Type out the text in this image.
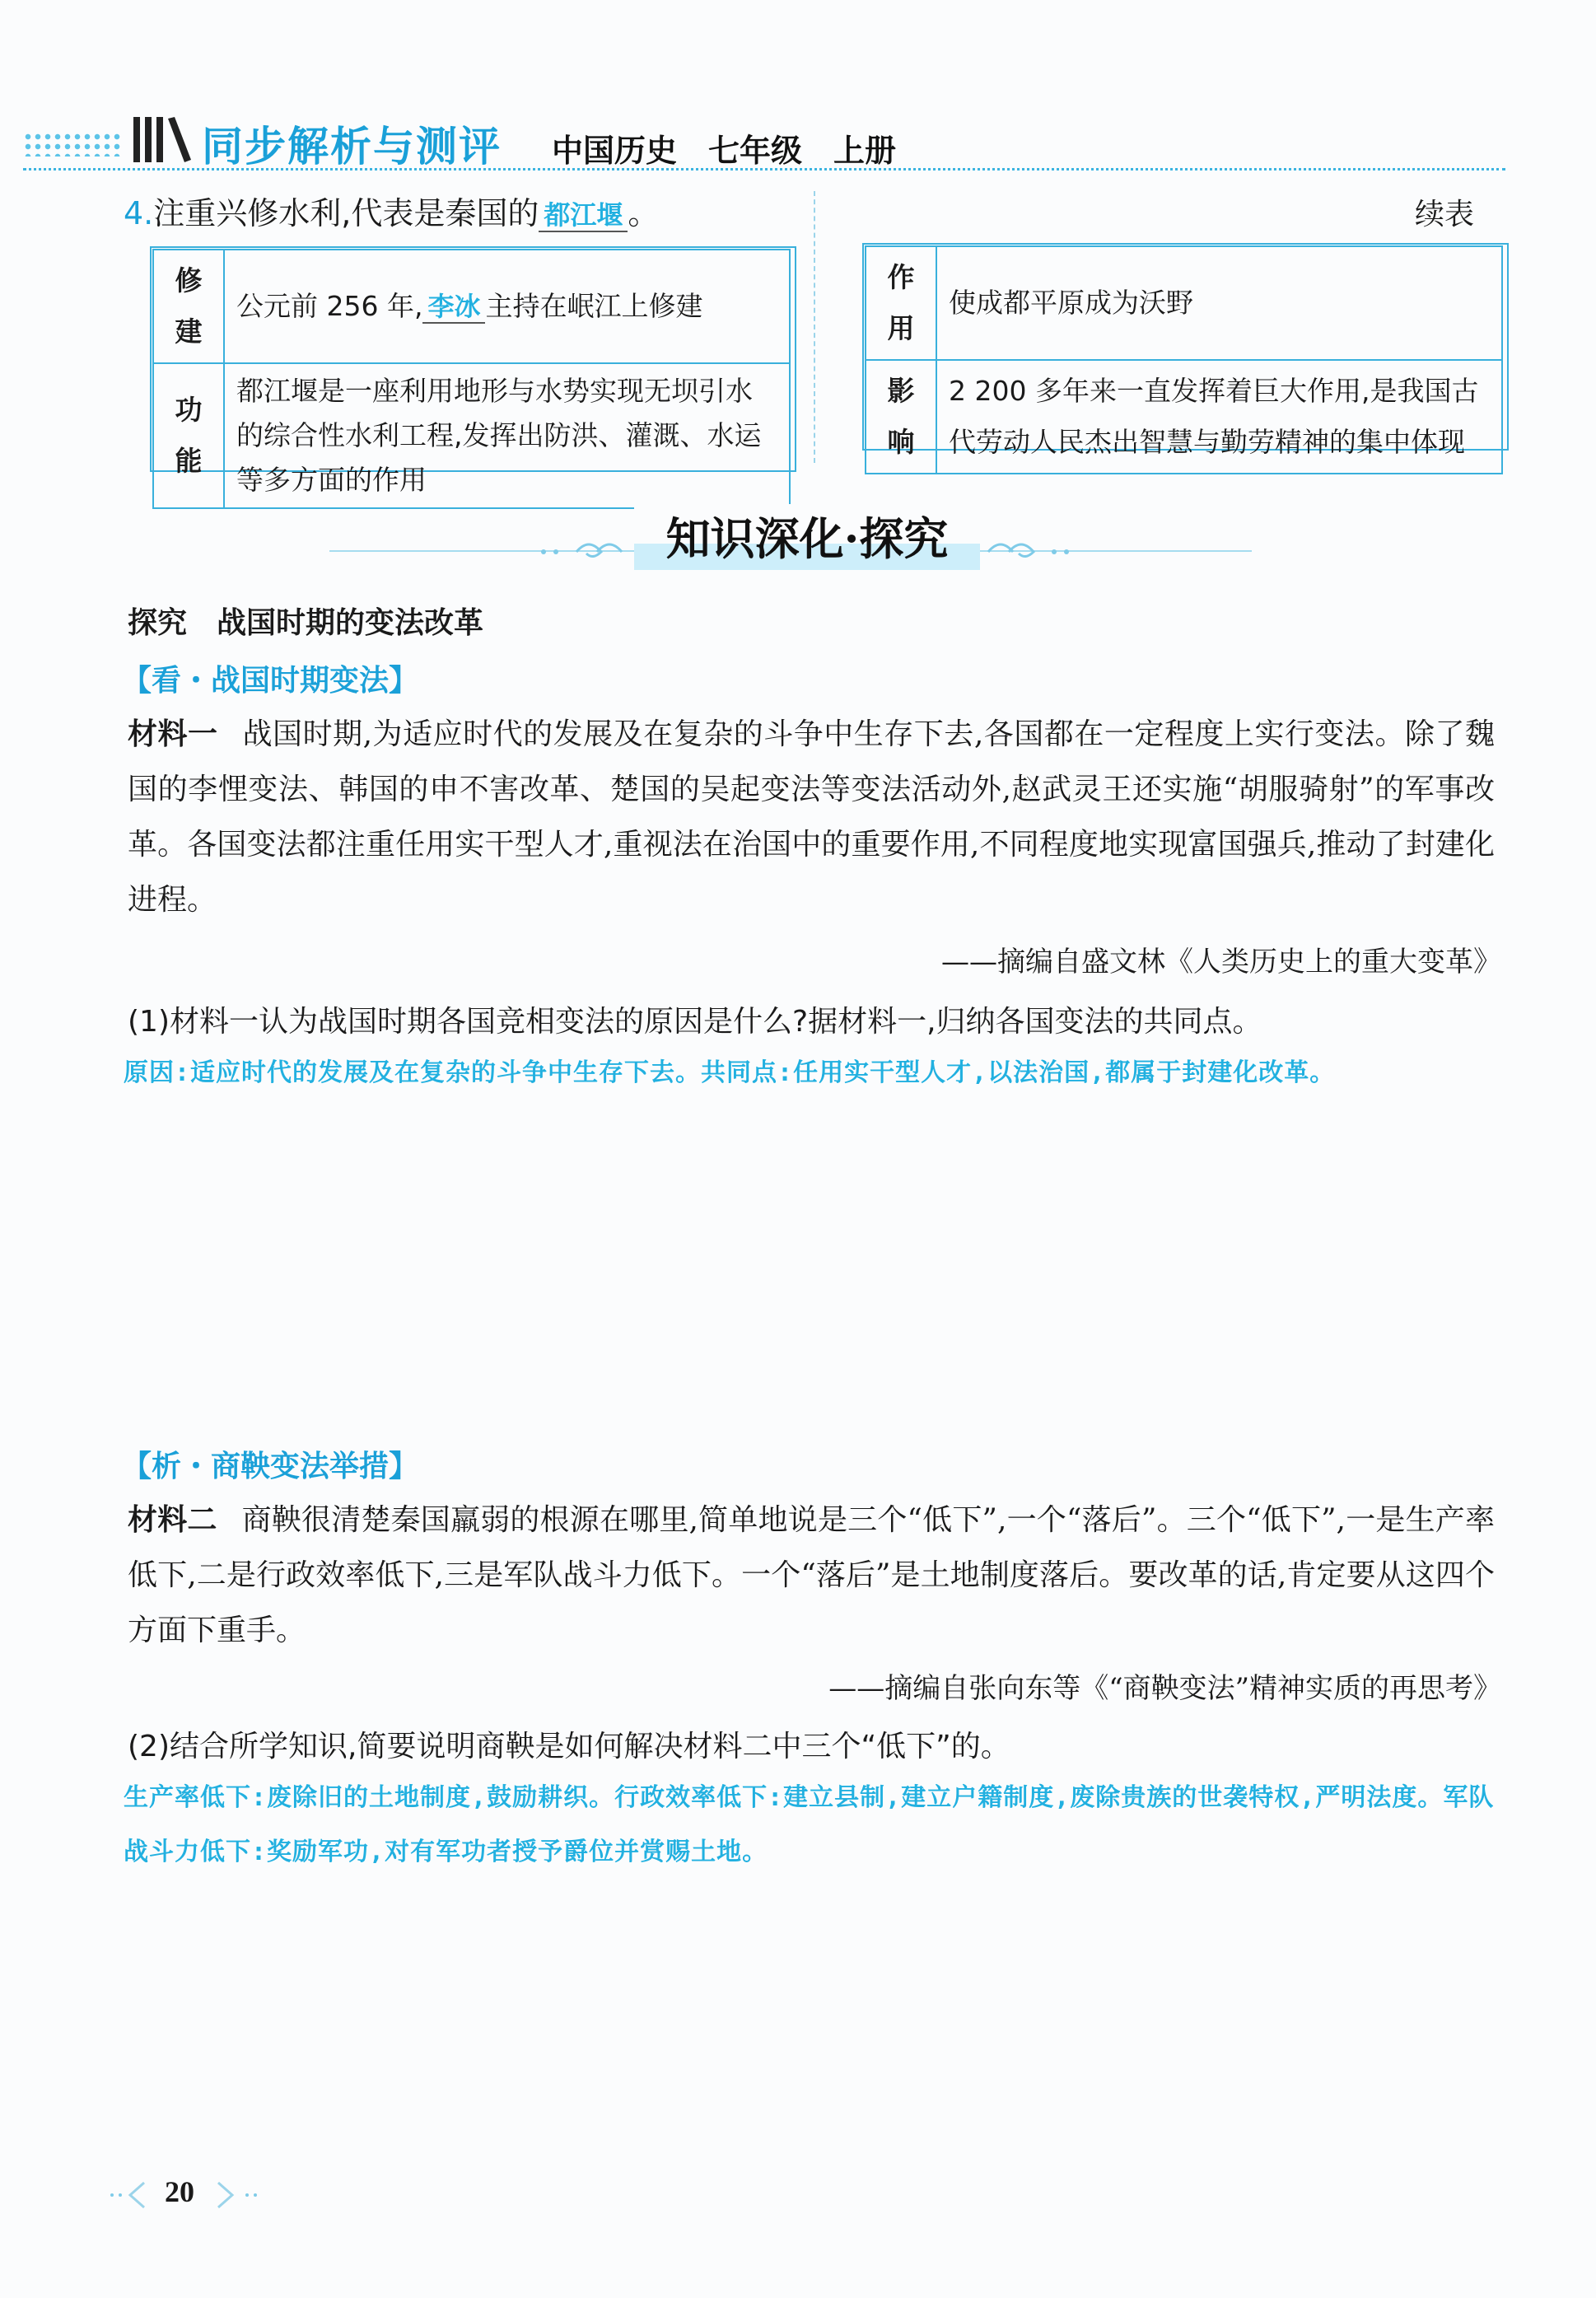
同步解析与测评 中国历史　七年级　上册
4.注重兴修水利,代表是秦国的 都江堰 。	续表
修建	公元前 256 年, 李冰 主持在岷江上修建
功能	都江堰是一座利用地形与水势实现无坝引水的综合性水利工程,发挥出防洪、灌溉、水运等多方面的作用
作用	使成都平原成为沃野
影响	2 200 多年来一直发挥着巨大作用,是我国古代劳动人民杰出智慧与勤劳精神的集中体现
知识深化·探究
探究　战国时期的变法改革
【看・战国时期变法】
材料一 战国时期,为适应时代的发展及在复杂的斗争中生存下去,各国都在一定程度上实行变法。除了魏国的李悝变法、韩国的申不害改革、楚国的吴起变法等变法活动外,赵武灵王还实施“胡服骑射”的军事改革。各国变法都注重任用实干型人才,重视法在治国中的重要作用,不同程度地实现富国强兵,推动了封建化进程。
——摘编自盛文林《人类历史上的重大变革》
(1)材料一认为战国时期各国竞相变法的原因是什么?据材料一,归纳各国变法的共同点。
原因:适应时代的发展及在复杂的斗争中生存下去。共同点:任用实干型人才,以法治国,都属于封建化改革。
【析・商鞅变法举措】
材料二 商鞅很清楚秦国羸弱的根源在哪里,简单地说是三个“低下”,一个“落后”。三个“低下”,一是生产率低下,二是行政效率低下,三是军队战斗力低下。一个“落后”是土地制度落后。要改革的话,肯定要从这四个方面下重手。
——摘编自张向东等《“商鞅变法”精神实质的再思考》
(2)结合所学知识,简要说明商鞅是如何解决材料二中三个“低下”的。
生产率低下:废除旧的土地制度,鼓励耕织。行政效率低下:建立县制,建立户籍制度,废除贵族的世袭特权,严明法度。军队战斗力低下:奖励军功,对有军功者授予爵位并赏赐土地。
20
